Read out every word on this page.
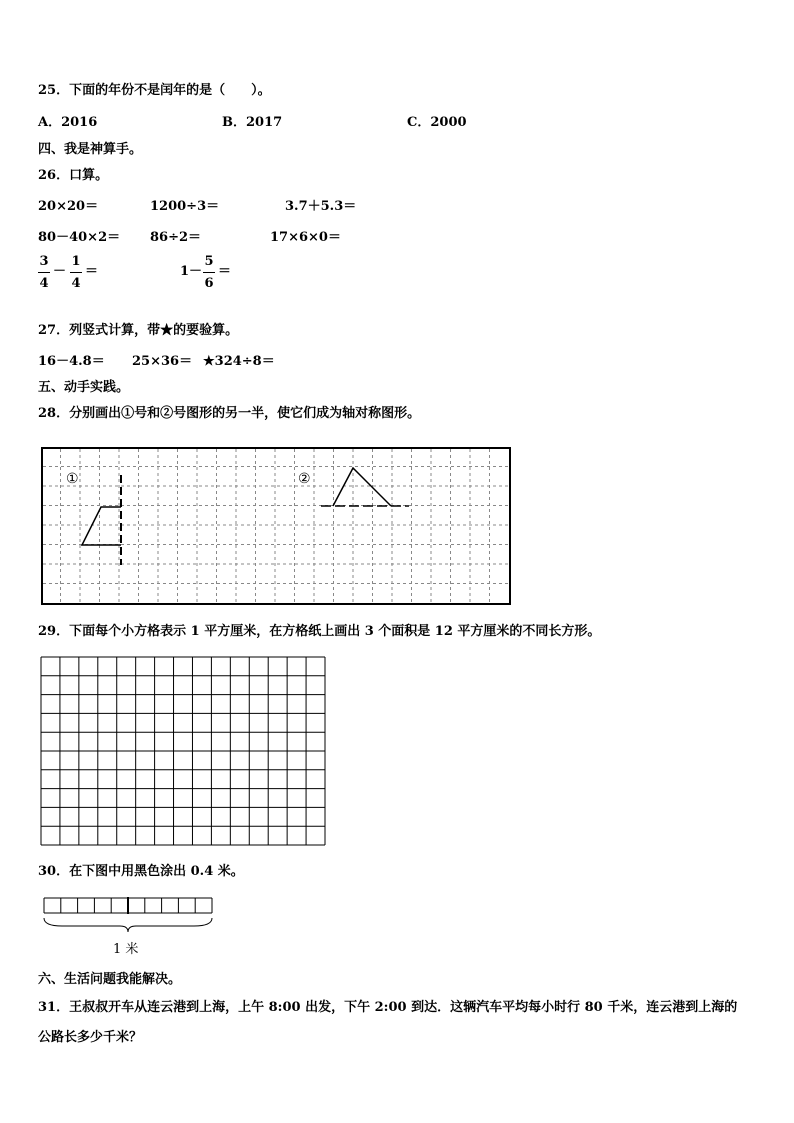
25．下面的年份不是闰年的是（　　）。
A．2016	B．2017	C．2000
四、我是神算手。
26．口算。
20×20＝	1200÷3＝	3.7＋5.3＝
80－40×2＝ 86÷2＝	17×6×0＝
3
4
－
1
4
＝	1－
5
6
＝
27．列竖式计算，带★的要验算。
16－4.8＝ 25×36＝ ★324÷8＝
五、动手实践。
28．分别画出①号和②号图形的另一半，使它们成为轴对称图形。
①	②
29．下面每个小方格表示 1 平方厘米，在方格纸上画出 3 个面积是 12 平方厘米的不同长方形。
30．在下图中用黑色涂出 0.4 米。
1 米
六、生活问题我能解决。
31．王叔叔开车从连云港到上海，上午 8:00 出发，下午 2:00 到达．这辆汽车平均每小时行 80 千米，连云港到上海的
公路长多少千米？
